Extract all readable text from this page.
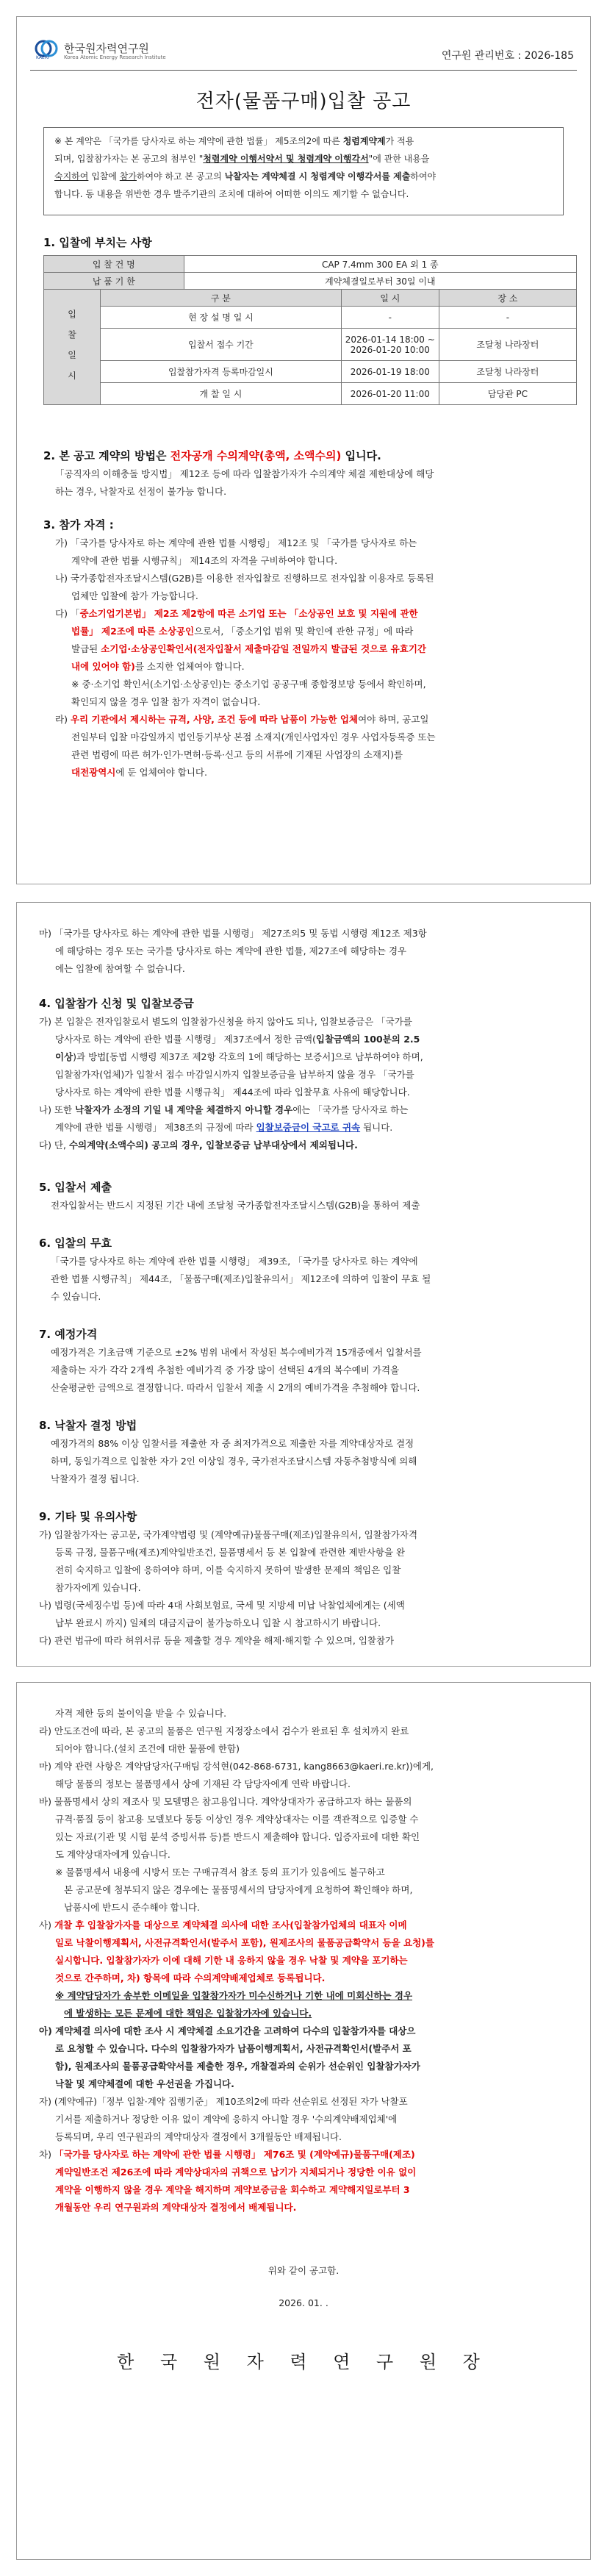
KAERI
한국원자력연구원
Korea Atomic Energy Research Institute	연구원 관리번호 : 2026-185
전자(물품구매)입찰 공고
※ 본 계약은 「국가를 당사자로 하는 계약에 관한 법률」 제5조의2에 따른 청렴계약제가 적용
되며, 입찰참가자는 본 공고의 첨부인 "청렴계약 이행서약서 및 청렴계약 이행각서"에 관한 내용을
숙지하여 입찰에 참가하여야 하고 본 공고의 낙찰자는 계약체결 시 청렴계약 이행각서를 제출하여야
합니다. 동 내용을 위반한 경우 발주기관의 조치에 대하여 어떠한 이의도 제기할 수 없습니다.
1. 입찰에 부치는 사항
입 찰 건 명		CAP 7.4mm 300 EA 외 1 종		
납 품 기 한		계약체결일로부터 30일 이내		
입 찰 일 시	구 분		일 시	장 소
	현 장 설 명 일 시		-	-
	입찰서 접수 기간		2026-01-14 18:00 ~
2026-01-20 10:00	조달청 나라장터
	입찰참가자격 등록마감일시		2026-01-19 18:00	조달청 나라장터
	개 찰 일 시		2026-01-20 11:00	담당관 PC
2. 본 공고 계약의 방법은 전자공개 수의계약(총액, 소액수의) 입니다.
「공직자의 이해충돌 방지법」 제12조 등에 따라 입찰참가자가 수의계약 체결 제한대상에 해당
하는 경우, 낙찰자로 선정이 불가능 합니다.
3. 참가 자격 :
가) 「국가를 당사자로 하는 계약에 관한 법률 시행령」 제12조 및 「국가를 당사자로 하는
계약에 관한 법률 시행규칙」 제14조의 자격을 구비하여야 합니다.
나) 국가종합전자조달시스템(G2B)를 이용한 전자입찰로 진행하므로 전자입찰 이용자로 등록된
업체만 입찰에 참가 가능합니다.
다) 「중소기업기본법」 제2조 제2항에 따른 소기업 또는 「소상공인 보호 및 지원에 관한
법률」 제2조에 따른 소상공인으로서, 「중소기업 범위 및 확인에 관한 규정」에 따라
발급된 소기업·소상공인확인서(전자입찰서 제출마감일 전일까지 발급된 것으로 유효기간
내에 있어야 함)를 소지한 업체여야 합니다.
※ 중·소기업 확인서(소기업·소상공인)는 중소기업 공공구매 종합정보망 등에서 확인하며,
확인되지 않을 경우 입찰 참가 자격이 없습니다.
라) 우리 기관에서 제시하는 규격, 사양, 조건 등에 따라 납품이 가능한 업체여야 하며, 공고일
전일부터 입찰 마감일까지 법인등기부상 본점 소재지(개인사업자인 경우 사업자등록증 또는
관련 법령에 따른 허가·인가·면허·등록·신고 등의 서류에 기재된 사업장의 소재지)를
대전광역시에 둔 업체여야 합니다.
마) 「국가를 당사자로 하는 계약에 관한 법률 시행령」 제27조의5 및 동법 시행령 제12조 제3항
에 해당하는 경우 또는 국가를 당사자로 하는 계약에 관한 법률, 제27조에 해당하는 경우
에는 입찰에 참여할 수 없습니다.
4. 입찰참가 신청 및 입찰보증금
가) 본 입찰은 전자입찰로서 별도의 입찰참가신청을 하지 않아도 되나, 입찰보증금은 「국가를
당사자로 하는 계약에 관한 법률 시행령」 제37조에서 정한 금액(입찰금액의 100분의 2.5
이상)과 방법[동법 시행령 제37조 제2항 각호의 1에 해당하는 보증서]으로 납부하여야 하며,
입찰참가자(업체)가 입찰서 접수 마감일시까지 입찰보증금을 납부하지 않을 경우 「국가를
당사자로 하는 계약에 관한 법률 시행규칙」 제44조에 따라 입찰무효 사유에 해당합니다.
나) 또한 낙찰자가 소정의 기일 내 계약을 체결하지 아니할 경우에는 「국가를 당사자로 하는
계약에 관한 법률 시행령」 제38조의 규정에 따라 입찰보증금이 국고로 귀속 됩니다.
다) 단, 수의계약(소액수의) 공고의 경우, 입찰보증금 납부대상에서 제외됩니다.
5. 입찰서 제출
전자입찰서는 반드시 지정된 기간 내에 조달청 국가종합전자조달시스템(G2B)을 통하여 제출
6. 입찰의 무효
「국가를 당사자로 하는 계약에 관한 법률 시행령」 제39조, 「국가를 당사자로 하는 계약에
관한 법률 시행규칙」 제44조, 「물품구매(제조)입찰유의서」 제12조에 의하여 입찰이 무효 될
수 있습니다.
7. 예정가격
예정가격은 기초금액 기준으로 ±2% 범위 내에서 작성된 복수예비가격 15개중에서 입찰서를
제출하는 자가 각각 2개씩 추첨한 예비가격 중 가장 많이 선택된 4개의 복수예비 가격을
산술평균한 금액으로 결정합니다. 따라서 입찰서 제출 시 2개의 예비가격을 추첨해야 합니다.
8. 낙찰자 결정 방법
예정가격의 88% 이상 입찰서를 제출한 자 중 최저가격으로 제출한 자를 계약대상자로 결정
하며, 동일가격으로 입찰한 자가 2인 이상일 경우, 국가전자조달시스템 자동추첨방식에 의해
낙찰자가 결정 됩니다.
9. 기타 및 유의사항
가) 입찰참가자는 공고문, 국가계약법령 및 (계약예규)물품구매(제조)입찰유의서, 입찰참가자격
등록 규정, 물품구매(제조)계약일반조건, 물품명세서 등 본 입찰에 관련한 제반사항을 완
전히 숙지하고 입찰에 응하여야 하며, 이를 숙지하지 못하여 발생한 문제의 책임은 입찰
참가자에게 있습니다.
나) 법령(국세징수법 등)에 따라 4대 사회보험료, 국세 및 지방세 미납 낙찰업체에게는 (세액
납부 완료시 까지) 일체의 대금지급이 불가능하오니 입찰 시 참고하시기 바랍니다.
다) 관련 법규에 따라 허위서류 등을 제출할 경우 계약을 해제·해지할 수 있으며, 입찰참가
자격 제한 등의 불이익을 받을 수 있습니다.
라) 안도조건에 따라, 본 공고의 물품은 연구원 지정장소에서 검수가 완료된 후 설치까지 완료
되어야 합니다.(설치 조건에 대한 물품에 한함)
마) 계약 관련 사항은 계약담당자(구매팀 강석현(042-868-6731, kang8663@kaeri.re.kr))에게,
해당 물품의 정보는 물품명세서 상에 기재된 각 담당자에게 연락 바랍니다.
바) 물품명세서 상의 제조사 및 모델명은 참고용입니다. 계약상대자가 공급하고자 하는 물품의
규격·품질 등이 참고용 모델보다 동등 이상인 경우 계약상대자는 이를 객관적으로 입증할 수
있는 자료(기관 및 시험 분석 증빙서류 등)를 반드시 제출해야 합니다. 입증자료에 대한 확인
도 계약상대자에게 있습니다.
※ 물품명세서 내용에 시방서 또는 구매규격서 참조 등의 표기가 있음에도 불구하고
본 공고문에 첨부되지 않은 경우에는 물품명세서의 담당자에게 요청하여 확인해야 하며,
납품시에 반드시 준수해야 합니다.
사) 개찰 후 입찰참가자를 대상으로 계약체결 의사에 대한 조사(입찰참가업체의 대표자 이메
일로 낙찰이행계획서, 사전규격확인서(발주서 포함), 원제조사의 물품공급확약서 등을 요청)를
실시합니다. 입찰참가자가 이에 대해 기한 내 응하지 않을 경우 낙찰 및 계약을 포기하는
것으로 간주하며, 차) 항목에 따라 수의계약배제업체로 등록됩니다.
※ 계약담당자가 송부한 이메일을 입찰참가자가 미수신하거나 기한 내에 미회신하는 경우
에 발생하는 모든 문제에 대한 책임은 입찰참가자에 있습니다.
아) 계약체결 의사에 대한 조사 시 계약체결 소요기간을 고려하여 다수의 입찰참가자를 대상으
로 요청할 수 있습니다. 다수의 입찰참가자가 납품이행계획서, 사전규격확인서(발주서 포
함), 원제조사의 물품공급확약서를 제출한 경우, 개찰결과의 순위가 선순위인 입찰참가자가
낙찰 및 계약체결에 대한 우선권을 가집니다.
자) (계약예규)「정부 입찰·계약 집행기준」 제10조의2에 따라 선순위로 선정된 자가 낙찰포
기서를 제출하거나 정당한 이유 없이 계약에 응하지 아니할 경우 '수의계약배제업체'에
등록되며, 우리 연구원과의 계약대상자 결정에서 3개월동안 배제됩니다.
차) 「국가를 당사자로 하는 계약에 관한 법률 시행령」 제76조 및 (계약예규)물품구매(제조)
계약일반조건 제26조에 따라 계약상대자의 귀책으로 납기가 지체되거나 정당한 이유 없이
계약을 이행하지 않을 경우 계약을 해지하며 계약보증금을 회수하고 계약해지일로부터 3
개월동안 우리 연구원과의 계약대상자 결정에서 배제됩니다.
위와 같이 공고함.
2026. 01. .
한 국 원 자 력 연 구 원 장
